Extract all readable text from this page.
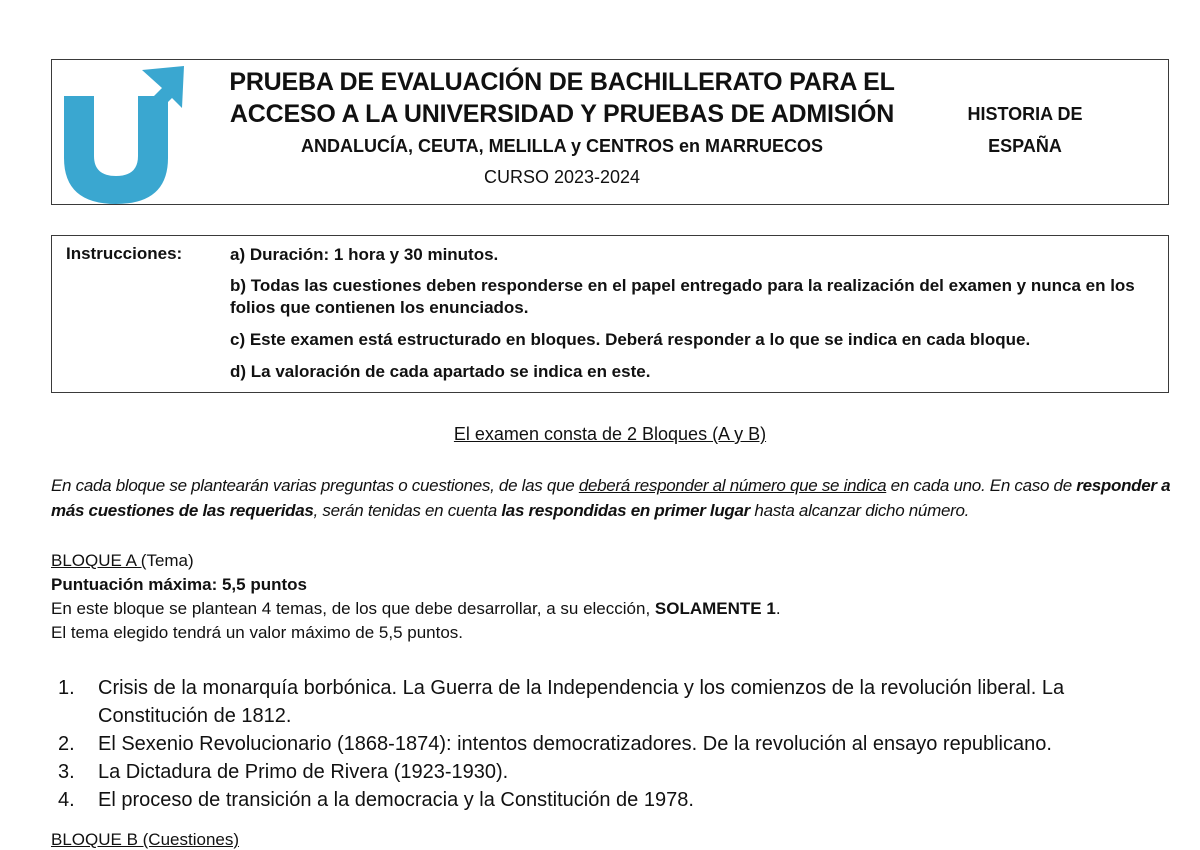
PRUEBA DE EVALUACIÓN DE BACHILLERATO PARA EL
ACCESO A LA UNIVERSIDAD Y PRUEBAS DE ADMISIÓN
ANDALUCÍA, CEUTA, MELILLA y CENTROS en MARRUECOS
CURSO 2023-2024
HISTORIA DE
ESPAÑA
Instrucciones:	a) Duración: 1 hora y 30 minutos.
b) Todas las cuestiones deben responderse en el papel entregado para la realización del examen y nunca en los folios que contienen los enunciados.
c) Este examen está estructurado en bloques. Deberá responder a lo que se indica en cada bloque.
d) La valoración de cada apartado se indica en este.
El examen consta de 2 Bloques (A y B)
En cada bloque se plantearán varias preguntas o cuestiones, de las que deberá responder al número que se indica en cada uno. En caso de responder a más cuestiones de las requeridas, serán tenidas en cuenta las respondidas en primer lugar hasta alcanzar dicho número.
BLOQUE A (Tema)
Puntuación máxima: 5,5 puntos
En este bloque se plantean 4 temas, de los que debe desarrollar, a su elección, SOLAMENTE 1.
El tema elegido tendrá un valor máximo de 5,5 puntos.
1. Crisis de la monarquía borbónica. La Guerra de la Independencia y los comienzos de la revolución liberal. La Constitución de 1812.
2. El Sexenio Revolucionario (1868-1874): intentos democratizadores. De la revolución al ensayo republicano.
3. La Dictadura de Primo de Rivera (1923-1930).
4. El proceso de transición a la democracia y la Constitución de 1978.
BLOQUE B (Cuestiones)
